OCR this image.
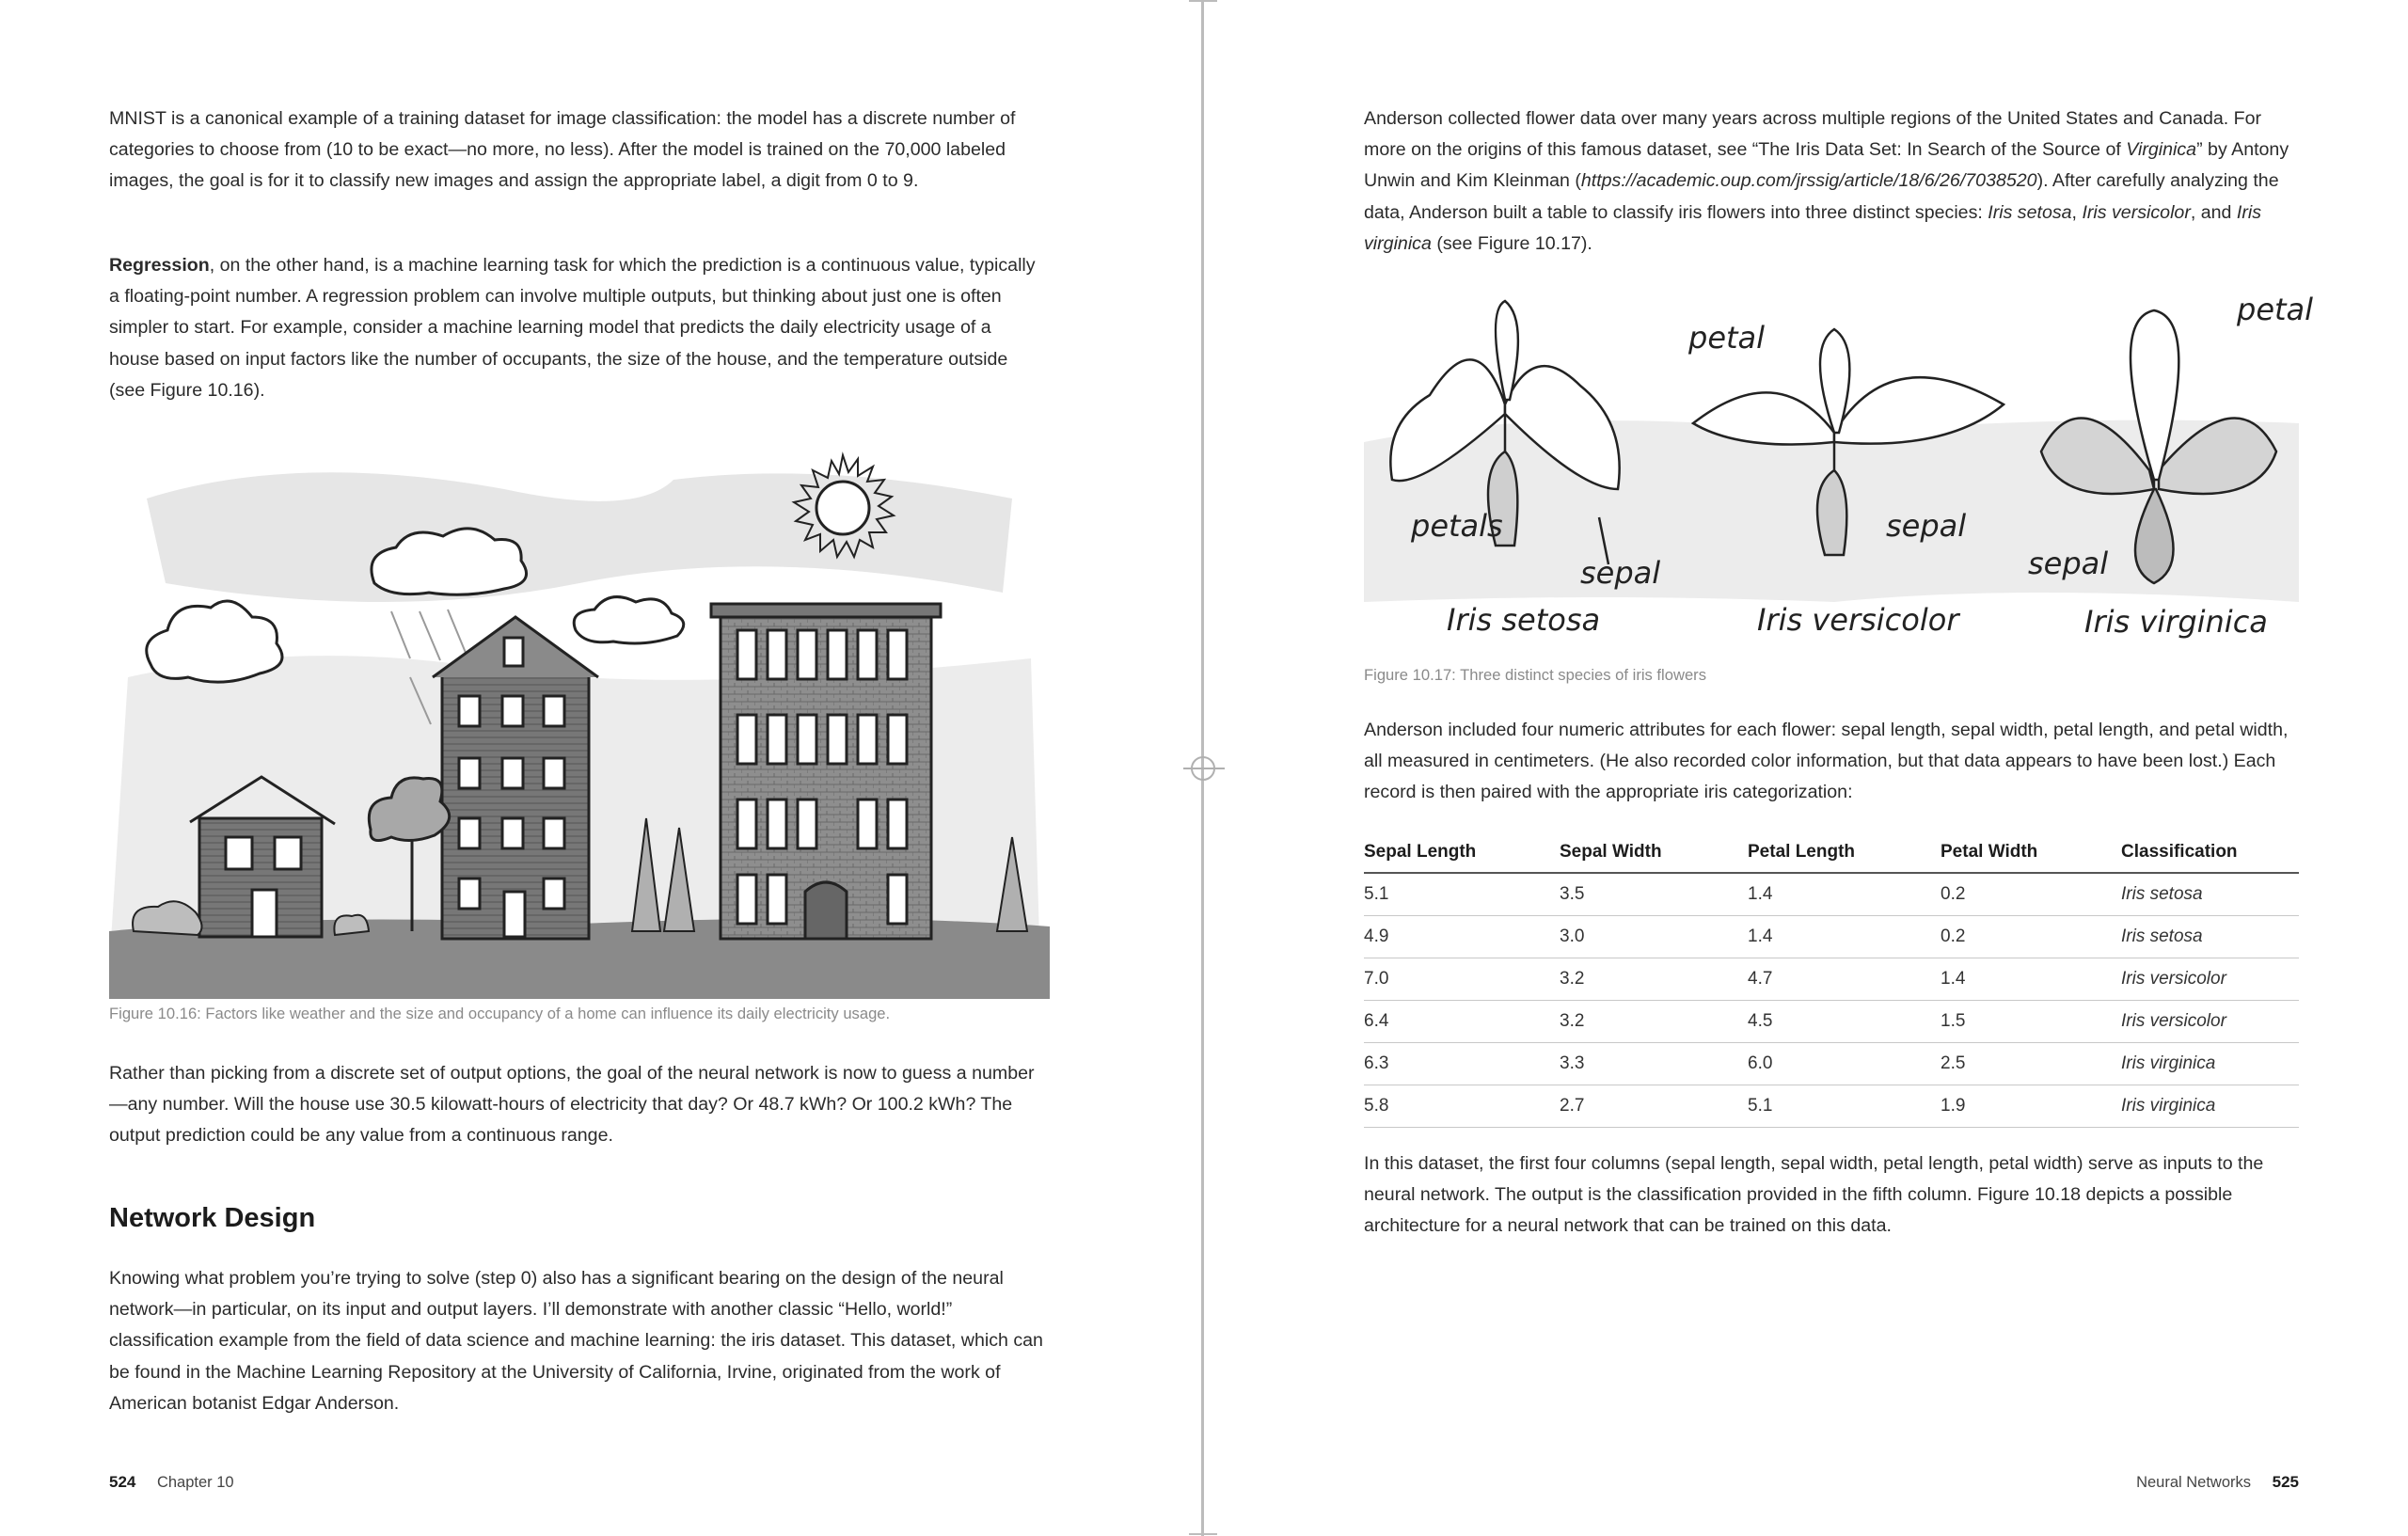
MNIST is a canonical example of a training dataset for image classification: the model has a discrete number of categories to choose from (10 to be exact—no more, no less). After the model is trained on the 70,000 labeled images, the goal is for it to classify new images and assign the appropriate label, a digit from 0 to 9.

Regression, on the other hand, is a machine learning task for which the prediction is a continuous value, typically a floating-point number. A regression problem can involve multiple outputs, but thinking about just one is often simpler to start. For example, consider a machine learning model that predicts the daily electricity usage of a house based on input factors like the number of occupants, the size of the house, and the temperature outside (see Figure 10.16).

Figure 10.16: Factors like weather and the size and occupancy of a home can influence its daily electricity usage.

Rather than picking from a discrete set of output options, the goal of the neural network is now to guess a number—any number. Will the house use 30.5 kilowatt-hours of electricity that day? Or 48.7 kWh? Or 100.2 kWh? The output prediction could be any value from a continuous range.

Network Design

Knowing what problem you’re trying to solve (step 0) also has a significant bearing on the design of the neural network—in particular, on its input and output layers. I’ll demonstrate with another classic “Hello, world!” classification example from the field of data science and machine learning: the iris dataset. This dataset, which can be found in the Machine Learning Repository at the University of California, Irvine, originated from the work of American botanist Edgar Anderson.

524 Chapter 10

Anderson collected flower data over many years across multiple regions of the United States and Canada. For more on the origins of this famous dataset, see “The Iris Data Set: In Search of the Source of Virginica” by Antony Unwin and Kim Kleinman (https://academic.oup.com/jrssig/article/18/6/26/7038520). After carefully analyzing the data, Anderson built a table to classify iris flowers into three distinct species: Iris setosa, Iris versicolor, and Iris virginica (see Figure 10.17).

petals
sepal
Iris setosa
petal
sepal
Iris versicolor
petal
sepal
Iris virginica
Figure 10.17: Three distinct species of iris flowers

Anderson included four numeric attributes for each flower: sepal length, sepal width, petal length, and petal width, all measured in centimeters. (He also recorded color information, but that data appears to have been lost.) Each record is then paired with the appropriate iris categorization:

Sepal Length	Sepal Width	Petal Length	Petal Width	Classification
5.1	3.5	1.4	0.2	Iris setosa
4.9	3.0	1.4	0.2	Iris setosa
7.0	3.2	4.7	1.4	Iris versicolor
6.4	3.2	4.5	1.5	Iris versicolor
6.3	3.3	6.0	2.5	Iris virginica
5.8	2.7	5.1	1.9	Iris virginica

In this dataset, the first four columns (sepal length, sepal width, petal length, petal width) serve as inputs to the neural network. The output is the classification provided in the fifth column. Figure 10.18 depicts a possible architecture for a neural network that can be trained on this data.

Neural Networks 525
